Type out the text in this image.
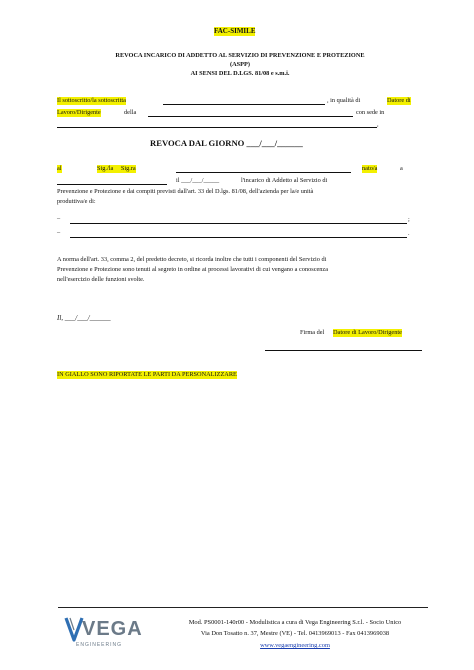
FAC-SIMILE
REVOCA INCARICO DI ADDETTO AL SERVIZIO DI PREVENZIONE E PROTEZIONE
(ASPP)
AI SENSI DEL D.LGS. 81/08 e s.m.i.
Il sottoscritto/la sottoscritta	, in qualità di	Datore di
Lavoro/Dirigente	della	con sede in
,
REVOCA DAL GIORNO ___/___/______
al	Sig./la Sig.ra	nato/a	a
il ___/___/_____	l'incarico di Addetto al Servizio di
Prevenzione e Protezione e dai compiti previsti dall'art. 33 del D.lgs. 81/08, dell'azienda per la/e unità
produttiva/e di:
–	;
–	.
A norma dell'art. 33, comma 2, del predetto decreto, si ricorda inoltre che tutti i componenti del Servizio di
Prevenzione e Protezione sono tenuti al segreto in ordine ai processi lavorativi di cui vengano a conoscenza
nell'esercizio delle funzioni svolte.
Il, ___/___/______
Firma del Datore di Lavoro/Dirigente
IN GIALLO SONO RIPORTATE LE PARTI DA PERSONALIZZARE
VEGA
ENGINEERING
Mod. PS0001-140r00 - Modulistica a cura di Vega Engineering S.r.l. - Socio Unico
Via Don Tosatto n. 37, Mestre (VE) - Tel. 0413969013 - Fax 0413969038
www.vegaengineering.com
